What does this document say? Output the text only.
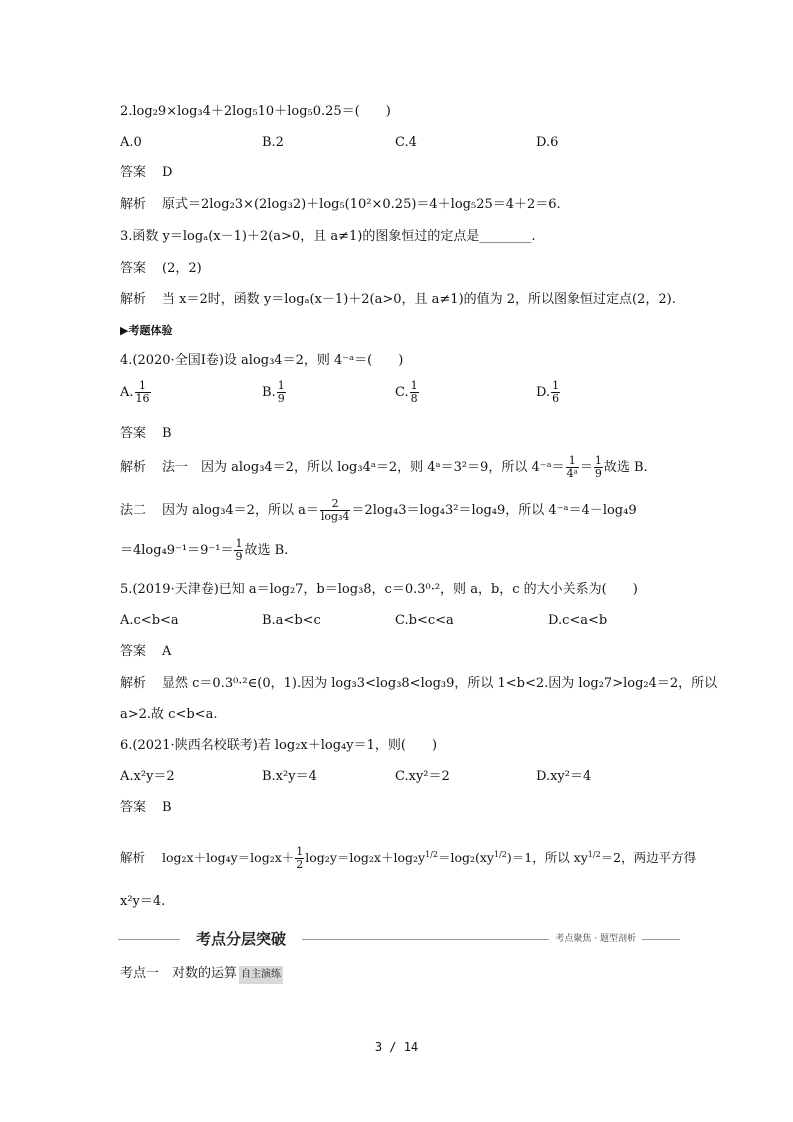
2.log₂9×log₃4＋2log₅10＋log₅0.25＝(　　)
A.0	B.2	C.4	D.6
答案 D
解析 原式＝2log₂3×(2log₃2)＋log₅(10²×0.25)＝4＋log₅25＝4＋2＝6.
3.函数 y＝logₐ(x－1)＋2(a>0，且 a≠1)的图象恒过的定点是________.
答案 (2，2)
解析 当 x＝2时，函数 y＝logₐ(x－1)＋2(a>0，且 a≠1)的值为 2，所以图象恒过定点(2，2).
▶考题体验
4.(2020·全国Ⅰ卷)设 alog₃4＝2，则 4⁻ᵃ＝(　　)
A. $\frac{1}{16}$	B. $\frac{1}{9}$	C. $\frac{1}{8}$	D. $\frac{1}{6}$
答案 B
解析 法一　因为 alog₃4＝2，所以 log₃4ᵃ＝2，则 4ᵃ＝3²＝9，所以 4⁻ᵃ＝ $\frac{1}{\text{4ᵃ}} = \frac{1}{9}$ 故选 B.
法二 因为 alog₃4＝2，所以 $a= \frac{2}{\text{log₃4}} =2\log_43=\log_43^2=\log_49$，所以 4⁻ᵃ＝4－log₄9
$=4\log_49^{-1}=9^{-1}= \frac{1}{9}$ 故选 B.
5.(2019·天津卷)已知 a＝log₂7，b＝log₃8，c＝0.3⁰·²，则 a，b，c 的大小关系为(　　)
A.c<b<a	B.a<b<c	C.b<c<a	D.c<a<b
答案 A
解析 显然 c＝0.3⁰·²∈(0，1).因为 log₃3<log₃8<log₃9，所以 1<b<2.因为 log₂7>log₂4＝2，所以
a>2.故 c<b<a.
6.(2021·陕西名校联考)若 log₂x＋log₄y＝1，则(　　)
A.x²y＝2	B.x²y＝4	C.xy²＝2	D.xy²＝4
答案 B
解析 $\log_2x+\log_4y=\log_2x+ \frac{1}{2} \log_2y=\log_2x+\log_2y^{1/2}=\log_2(xy^{1/2})=1$，所以 $xy^{1/2}=2$，两边平方得
x²y＝4.
考点分层突破	考点聚焦 · 题型剖析
考点一　对数的运算 自主演练
3 / 14
